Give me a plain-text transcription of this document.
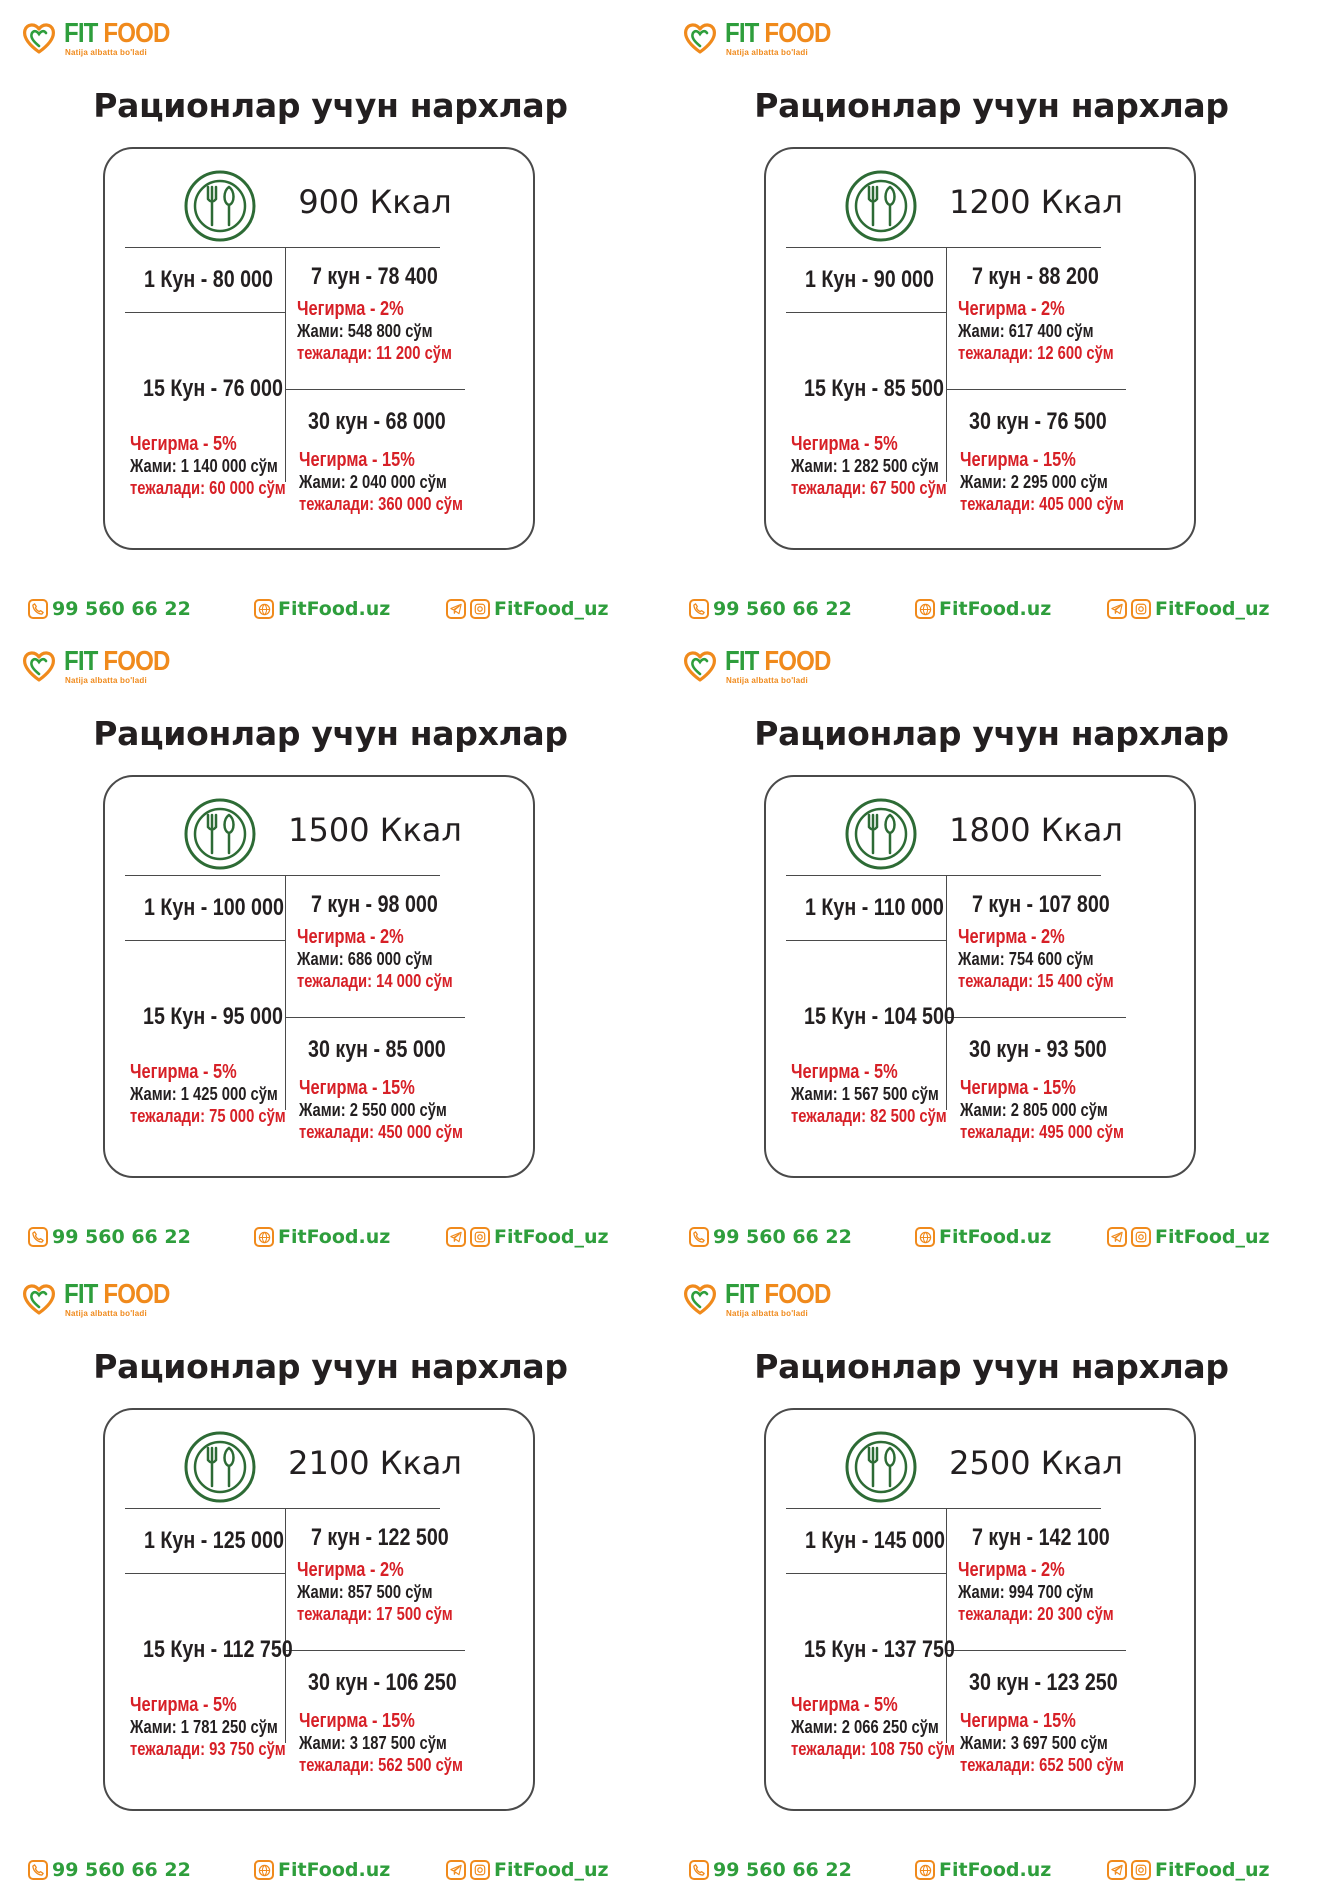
FIT FOOD
Natija albatta bo'ladi
Рационлар учун нархлар
900 Ккал
1 Кун - 80 000 7 кун - 78 400
Чегирма - 2%
Жами: 548 800 сўм
тежалади: 11 200 сўм
15 Кун - 76 000
Чегирма - 5%
Жами: 1 140 000 сўм
тежалади: 60 000 сўм
30 кун - 68 000
Чегирма - 15%
Жами: 2 040 000 сўм
тежалади: 360 000 сўм
99 560 66 22	FitFood.uz	FitFood_uz
FIT FOOD
Natija albatta bo'ladi
Рационлар учун нархлар
1200 Ккал
1 Кун - 90 000 7 кун - 88 200
Чегирма - 2%
Жами: 617 400 сўм
тежалади: 12 600 сўм
15 Кун - 85 500
Чегирма - 5%
Жами: 1 282 500 сўм
тежалади: 67 500 сўм
30 кун - 76 500
Чегирма - 15%
Жами: 2 295 000 сўм
тежалади: 405 000 сўм
99 560 66 22	FitFood.uz	FitFood_uz
FIT FOOD
Natija albatta bo'ladi
Рационлар учун нархлар
1500 Ккал
1 Кун - 100 000 7 кун - 98 000
Чегирма - 2%
Жами: 686 000 сўм
тежалади: 14 000 сўм
15 Кун - 95 000
Чегирма - 5%
Жами: 1 425 000 сўм
тежалади: 75 000 сўм
30 кун - 85 000
Чегирма - 15%
Жами: 2 550 000 сўм
тежалади: 450 000 сўм
99 560 66 22	FitFood.uz	FitFood_uz
FIT FOOD
Natija albatta bo'ladi
Рационлар учун нархлар
1800 Ккал
1 Кун - 110 000 7 кун - 107 800
Чегирма - 2%
Жами: 754 600 сўм
тежалади: 15 400 сўм
15 Кун - 104 500
Чегирма - 5%
Жами: 1 567 500 сўм
тежалади: 82 500 сўм
30 кун - 93 500
Чегирма - 15%
Жами: 2 805 000 сўм
тежалади: 495 000 сўм
99 560 66 22	FitFood.uz	FitFood_uz
FIT FOOD
Natija albatta bo'ladi
Рационлар учун нархлар
2100 Ккал
1 Кун - 125 000 7 кун - 122 500
Чегирма - 2%
Жами: 857 500 сўм
тежалади: 17 500 сўм
15 Кун - 112 750
Чегирма - 5%
Жами: 1 781 250 сўм
тежалади: 93 750 сўм
30 кун - 106 250
Чегирма - 15%
Жами: 3 187 500 сўм
тежалади: 562 500 сўм
99 560 66 22	FitFood.uz	FitFood_uz
FIT FOOD
Natija albatta bo'ladi
Рационлар учун нархлар
2500 Ккал
1 Кун - 145 000 7 кун - 142 100
Чегирма - 2%
Жами: 994 700 сўм
тежалади: 20 300 сўм
15 Кун - 137 750
Чегирма - 5%
Жами: 2 066 250 сўм
тежалади: 108 750 сўм
30 кун - 123 250
Чегирма - 15%
Жами: 3 697 500 сўм
тежалади: 652 500 сўм
99 560 66 22	FitFood.uz	FitFood_uz
